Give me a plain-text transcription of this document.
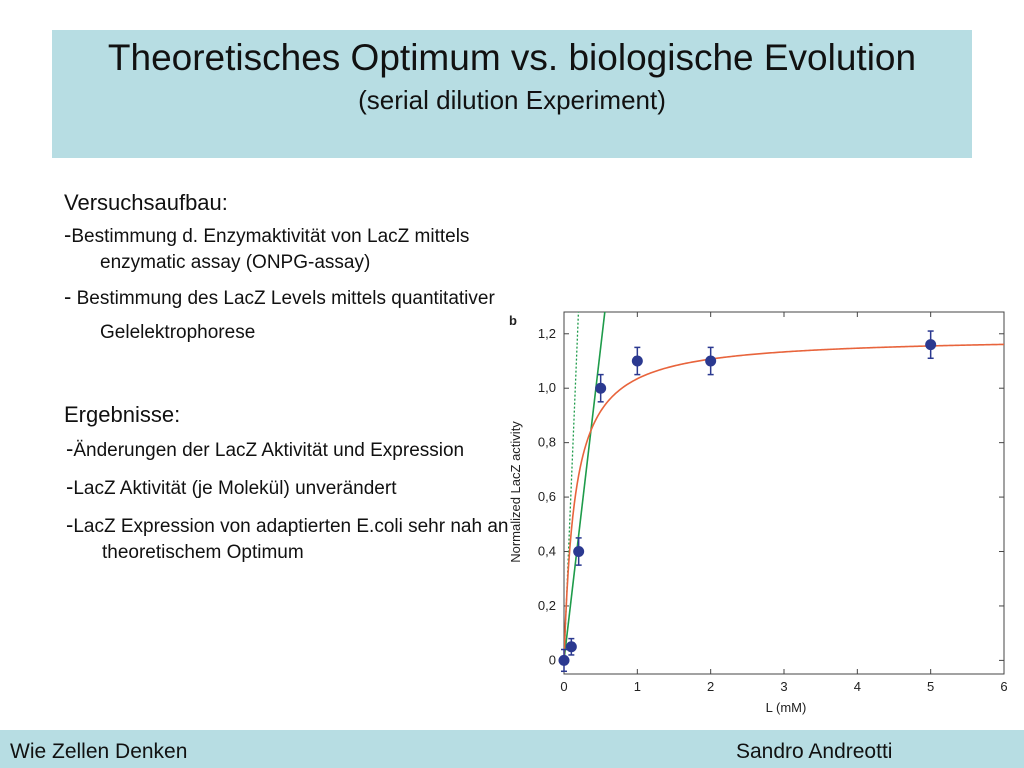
Theoretisches Optimum vs. biologische Evolution
(serial dilution Experiment)

Versuchsaufbau:

-Bestimmung d. Enzymaktivität von LacZ mittels enzymatic assay (ONPG-assay)

- Bestimmung des LacZ Levels mittels quantitativer Gelelektrophorese

Ergebnisse:

-Änderungen der LacZ Aktivität und Expression

-LacZ Aktivität (je Molekül) unverändert

-LacZ Expression von adaptierten E.coli sehr nah an theoretischem Optimum

b
0	1	2	3	4	5	6
0
0,2
0,4
0,6
0,8
1,0
1,2
L (mM)
Normalized LacZ activity
Wie Zellen Denken	Sandro Andreotti
